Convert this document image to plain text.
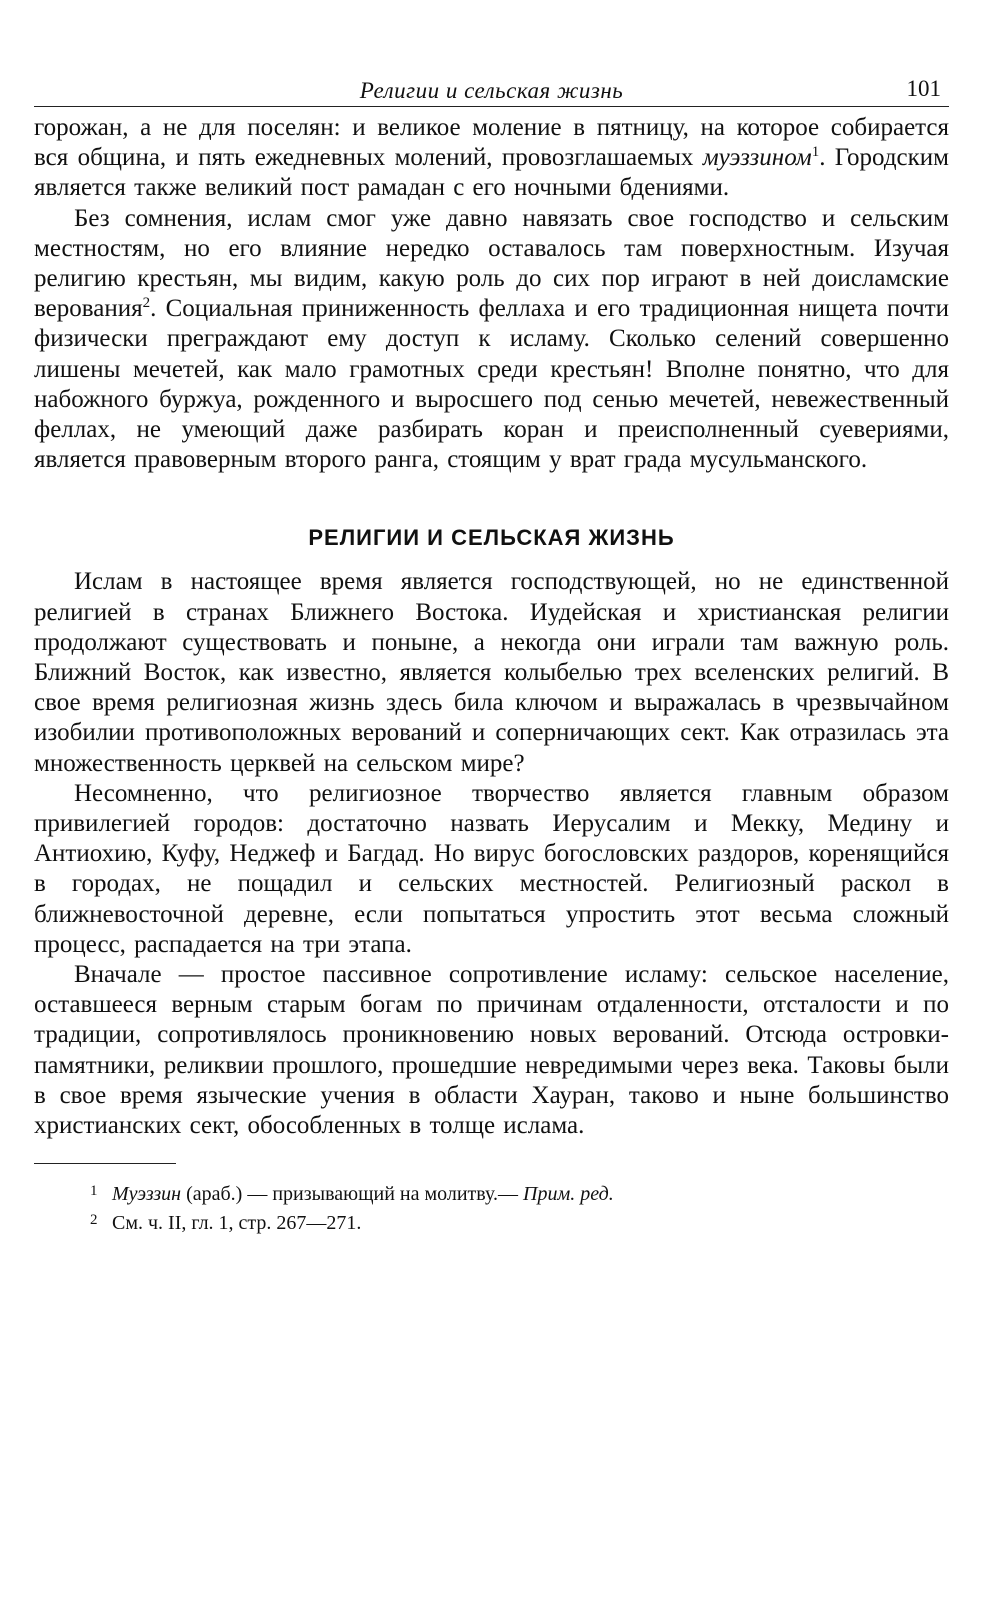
Религии и сельская жизнь	101

горожан, а не для поселян: и великое моление в пятницу, на которое собирается вся община, и пять ежедневных молений, провозглашаемых муэззином$^1$. Городским является также великий пост рамадан с его ночными бдениями.

Без сомнения, ислам смог уже давно навязать свое господство и сельским местностям, но его влияние нередко оставалось там поверхностным. Изучая религию крестьян, мы видим, какую роль до сих пор играют в ней доисламские верования$^2$. Социальная приниженность феллаха и его традиционная нищета почти физически преграждают ему доступ к исламу. Сколько селений совершенно лишены мечетей, как мало грамотных среди крестьян! Вполне понятно, что для набожного буржуа, рожденного и выросшего под сенью мечетей, невежественный феллах, не умеющий даже разбирать коран и преисполненный суевериями, является правоверным второго ранга, стоящим у врат града мусульманского.

РЕЛИГИИ И СЕЛЬСКАЯ ЖИЗНЬ

Ислам в настоящее время является господствующей, но не единственной религией в странах Ближнего Востока. Иудейская и христианская религии продолжают существовать и поныне, а некогда они играли там важную роль. Ближний Восток, как известно, является колыбелью трех вселенских религий. В свое время религиозная жизнь здесь била ключом и выражалась в чрезвычайном изобилии противоположных верований и соперничающих сект. Как отразилась эта множественность церквей на сельском мире?

Несомненно, что религиозное творчество является главным образом привилегией городов: достаточно назвать Иерусалим и Мекку, Медину и Антиохию, Куфу, Неджеф и Багдад. Но вирус богословских раздоров, коренящийся в городах, не пощадил и сельских местностей. Религиозный раскол в ближневосточной деревне, если попытаться упростить этот весьма сложный процесс, распадается на три этапа.

Вначале — простое пассивное сопротивление исламу: сельское население, оставшееся верным старым богам по причинам отдаленности, отсталости и по традиции, сопротивлялось проникновению новых верований. Отсюда островки-памятники, реликвии прошлого, прошедшие невредимыми через века. Таковы были в свое время языческие учения в области Хауран, таково и ныне большинство христианских сект, обособленных в толще ислама.

1 Муэззин (араб.) — призывающий на молитву.— Прим. ред.
2 См. ч. II, гл. 1, стр. 267—271.
